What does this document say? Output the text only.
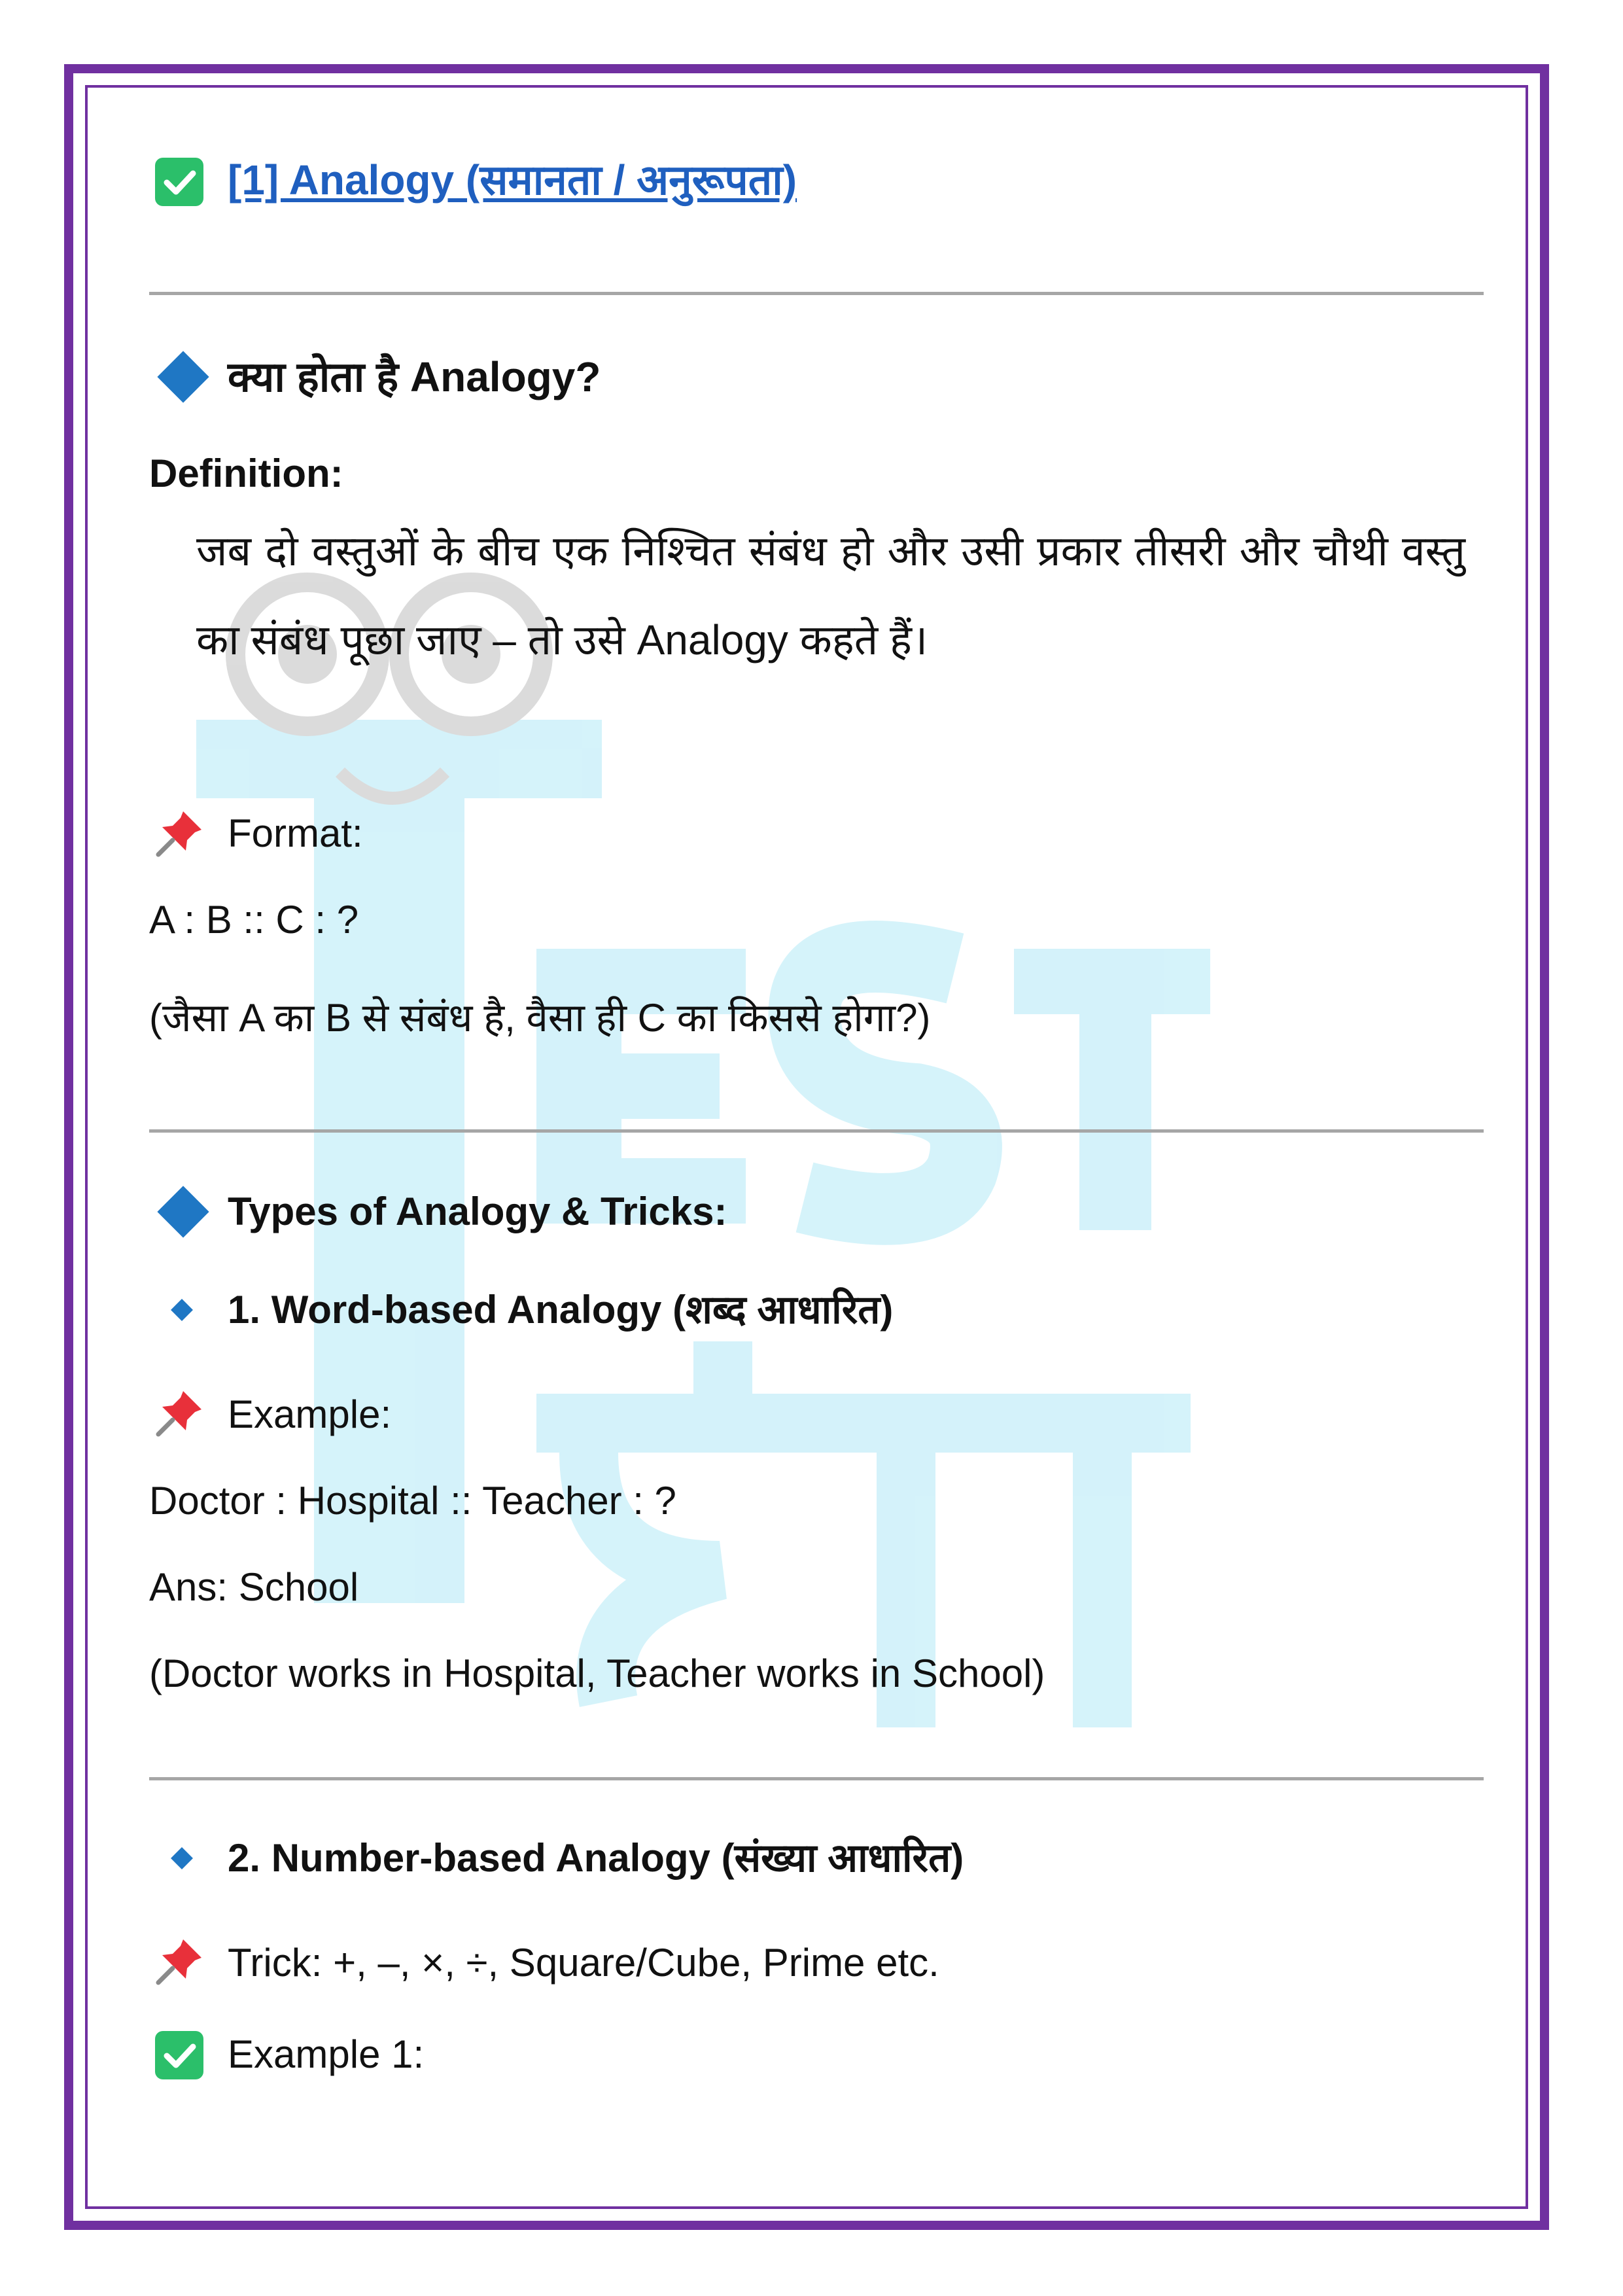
[1] Analogy (समानता / अनुरूपता)
क्या होता है Analogy?
Definition:
जब दो वस्तुओं के बीच एक निश्चित संबंध हो और उसी प्रकार तीसरी और चौथी वस्तु का संबंध पूछा जाए – तो उसे Analogy कहते हैं।
Format:
A : B :: C : ?
(जैसा A का B से संबंध है, वैसा ही C का किससे होगा?)
Types of Analogy & Tricks:
1. Word-based Analogy (शब्द आधारित)
Example:
Doctor : Hospital :: Teacher : ?
Ans: School
(Doctor works in Hospital, Teacher works in School)
2. Number-based Analogy (संख्या आधारित)
Trick: +, –, ×, ÷, Square/Cube, Prime etc.
Example 1:
